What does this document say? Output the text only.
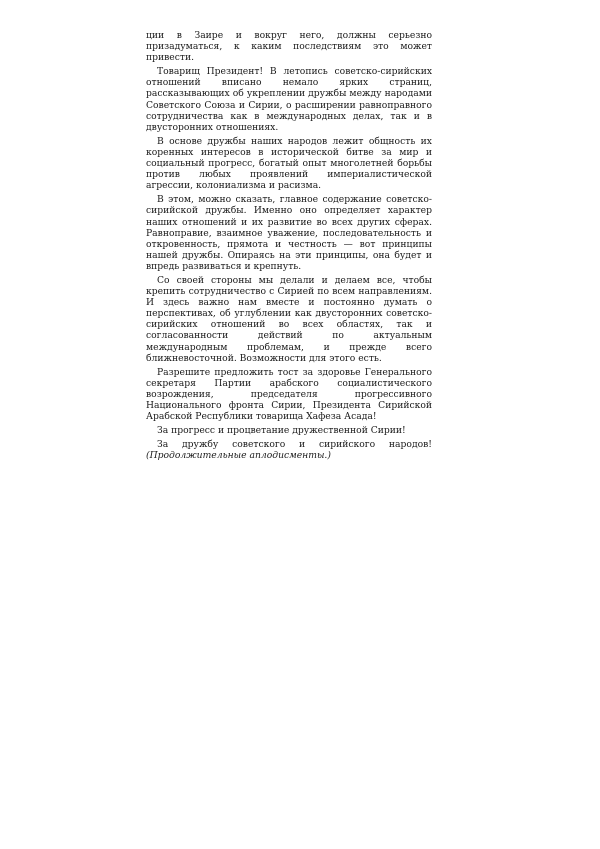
ции в Заире и вокруг него, должны серьезно призадуматься, к каким последствиям это может привести.

Товарищ Президент! В летопись советско-сирийских отношений вписано немало ярких страниц, рассказывающих об укреплении дружбы между народами Советского Союза и Сирии, о расширении равноправного сотрудничества как в международных делах, так и в двусторонних отношениях.

В основе дружбы наших народов лежит общность их коренных интересов в исторической битве за мир и социальный прогресс, богатый опыт многолетней борьбы против любых проявлений империалистической агрессии, колониализма и расизма.

В этом, можно сказать, главное содержание советско-сирийской дружбы. Именно оно определяет характер наших отношений и их развитие во всех других сферах. Равноправие, взаимное уважение, последовательность и откровенность, прямота и честность — вот принципы нашей дружбы. Опираясь на эти принципы, она будет и впредь развиваться и крепнуть.

Со своей стороны мы делали и делаем все, чтобы крепить сотрудничество с Сирией по всем направлениям. И здесь важно нам вместе и постоянно думать о перспективах, об углублении как двусторонних советско-сирийских отношений во всех областях, так и согласованности действий по актуальным международным проблемам, и прежде всего ближневосточной. Возможности для этого есть.

Разрешите предложить тост за здоровье Генерального секретаря Партии арабского социалистического возрождения, председателя прогрессивного Национального фронта Сирии, Президента Сирийской Арабской Республики товарища Хафеза Асада!

За прогресс и процветание дружественной Сирии!

За дружбу советского и сирийского народов! (Продолжительные аплодисменты.)
